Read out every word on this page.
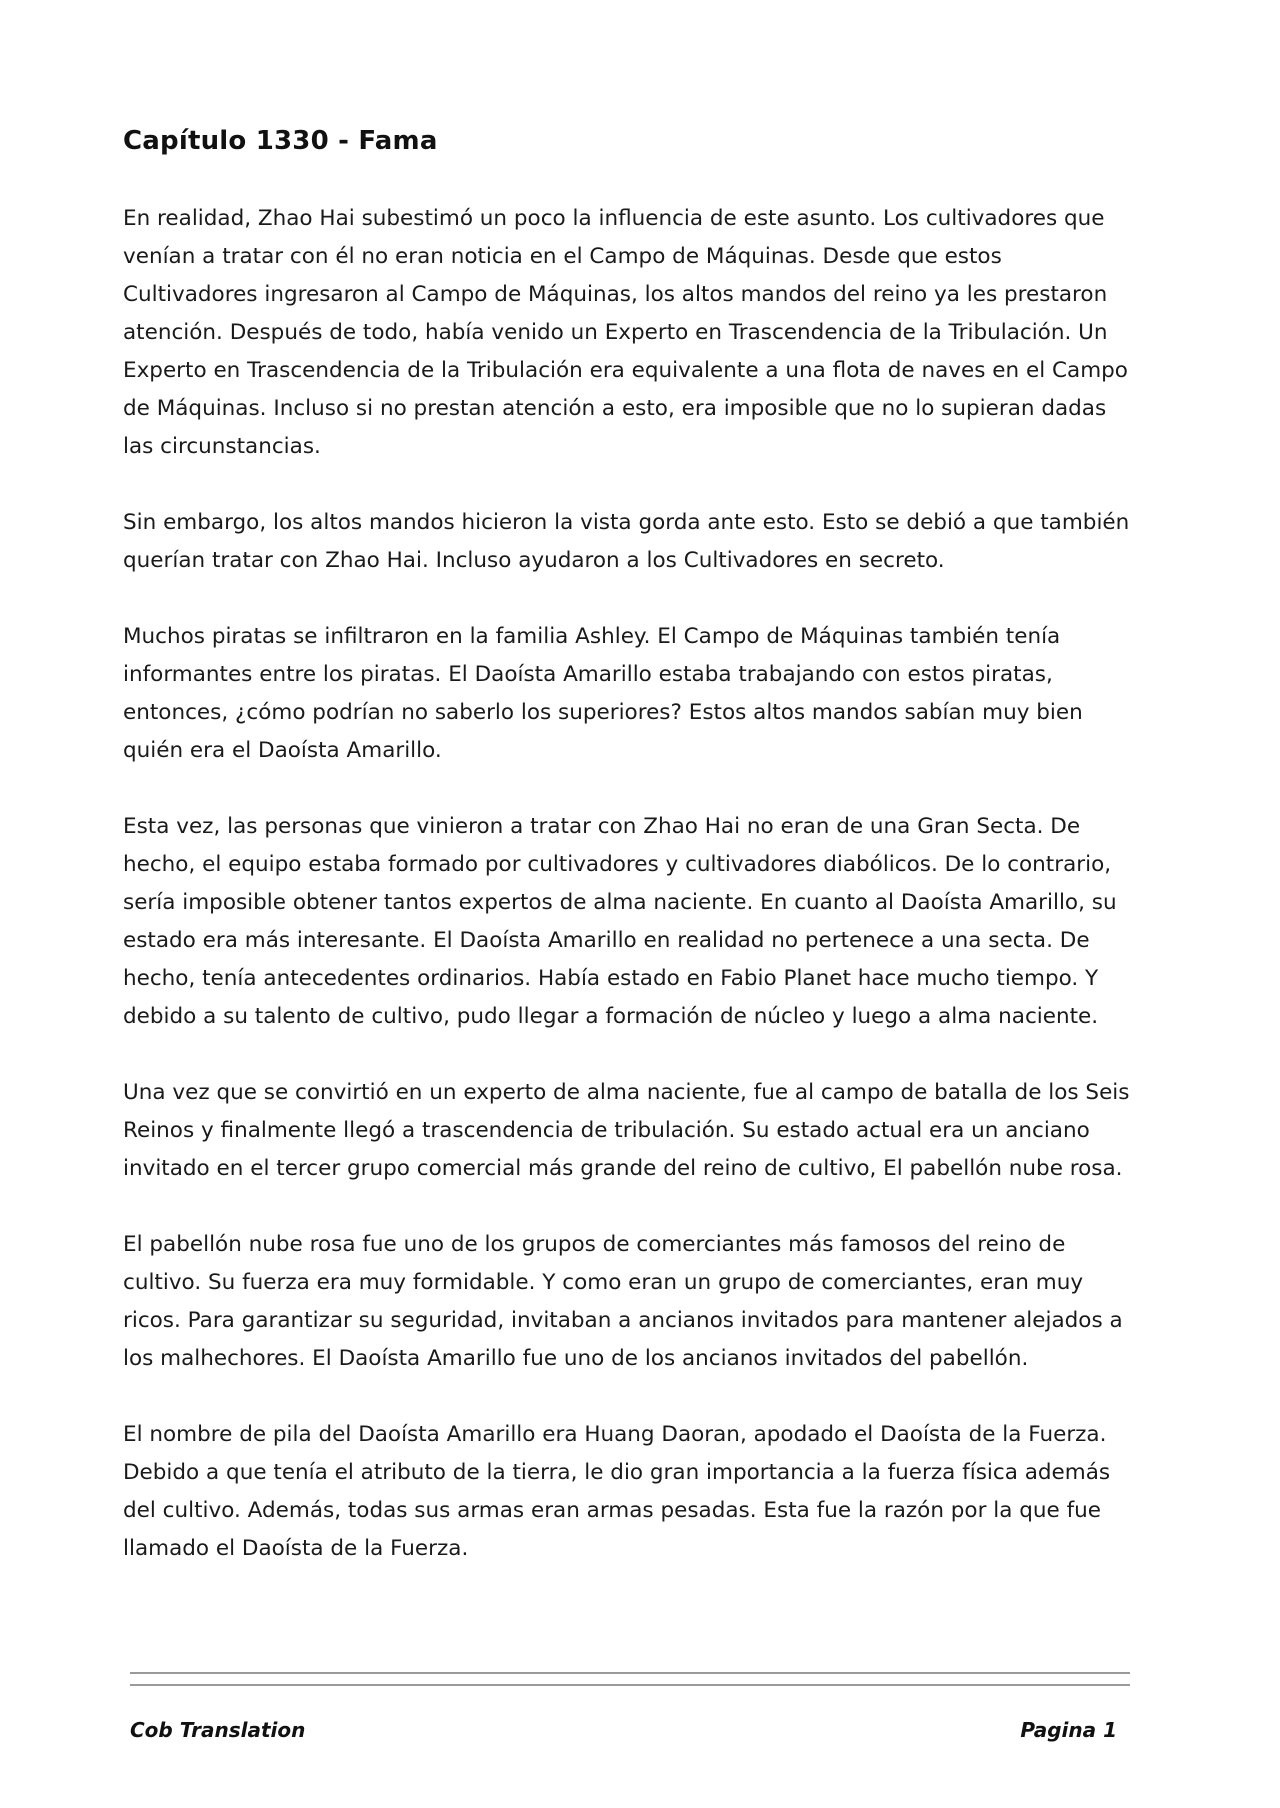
Capítulo 1330 - Fama

En realidad, Zhao Hai subestimó un poco la influencia de este asunto. Los cultivadores que venían a tratar con él no eran noticia en el Campo de Máquinas. Desde que estos Cultivadores ingresaron al Campo de Máquinas, los altos mandos del reino ya les prestaron atención. Después de todo, había venido un Experto en Trascendencia de la Tribulación. Un Experto en Trascendencia de la Tribulación era equivalente a una flota de naves en el Campo de Máquinas. Incluso si no prestan atención a esto, era imposible que no lo supieran dadas las circunstancias.

Sin embargo, los altos mandos hicieron la vista gorda ante esto. Esto se debió a que también querían tratar con Zhao Hai. Incluso ayudaron a los Cultivadores en secreto.

Muchos piratas se infiltraron en la familia Ashley. El Campo de Máquinas también tenía informantes entre los piratas. El Daoísta Amarillo estaba trabajando con estos piratas, entonces, ¿cómo podrían no saberlo los superiores? Estos altos mandos sabían muy bien quién era el Daoísta Amarillo.

Esta vez, las personas que vinieron a tratar con Zhao Hai no eran de una Gran Secta. De hecho, el equipo estaba formado por cultivadores y cultivadores diabólicos. De lo contrario, sería imposible obtener tantos expertos de alma naciente. En cuanto al Daoísta Amarillo, su estado era más interesante. El Daoísta Amarillo en realidad no pertenece a una secta. De hecho, tenía antecedentes ordinarios. Había estado en Fabio Planet hace mucho tiempo. Y debido a su talento de cultivo, pudo llegar a formación de núcleo y luego a alma naciente.

Una vez que se convirtió en un experto de alma naciente, fue al campo de batalla de los Seis Reinos y finalmente llegó a trascendencia de tribulación. Su estado actual era un anciano invitado en el tercer grupo comercial más grande del reino de cultivo, El pabellón nube rosa.

El pabellón nube rosa fue uno de los grupos de comerciantes más famosos del reino de cultivo. Su fuerza era muy formidable. Y como eran un grupo de comerciantes, eran muy ricos. Para garantizar su seguridad, invitaban a ancianos invitados para mantener alejados a los malhechores. El Daoísta Amarillo fue uno de los ancianos invitados del pabellón.

El nombre de pila del Daoísta Amarillo era Huang Daoran, apodado el Daoísta de la Fuerza. Debido a que tenía el atributo de la tierra, le dio gran importancia a la fuerza física además del cultivo. Además, todas sus armas eran armas pesadas. Esta fue la razón por la que fue llamado el Daoísta de la Fuerza.

Cob Translation	Pagina 1
